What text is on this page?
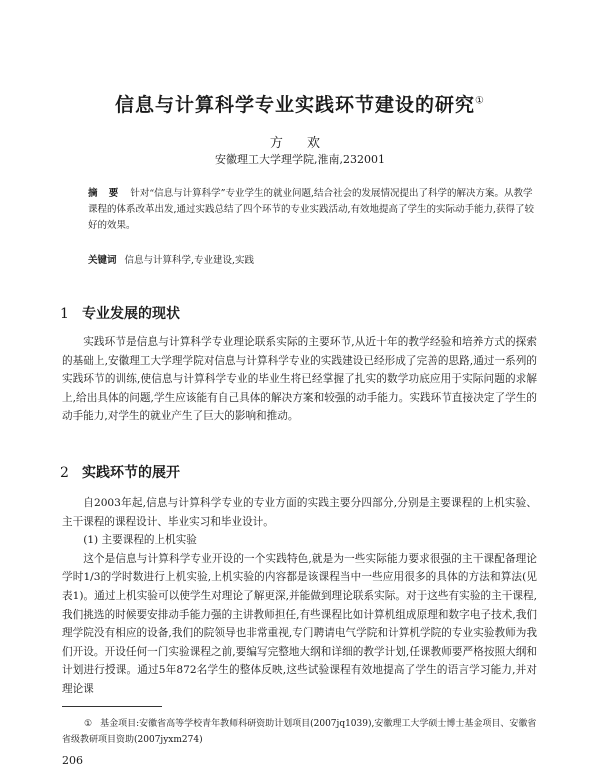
信息与计算科学专业实践环节建设的研究①
方 欢
安徽理工大学理学院,淮南,232001
摘 要 针对“信息与计算科学”专业学生的就业问题,结合社会的发展情况提出了科学的解决方案。从教学课程的体系改革出发,通过实践总结了四个环节的专业实践活动,有效地提高了学生的实际动手能力,获得了较好的效果。
关键词 信息与计算科学,专业建设,实践
1 专业发展的现状

实践环节是信息与计算科学专业理论联系实际的主要环节,从近十年的教学经验和培养方式的探索的基础上,安徽理工大学理学院对信息与计算科学专业的实践建设已经形成了完善的思路,通过一系列的实践环节的训练,使信息与计算科学专业的毕业生将已经掌握了扎实的数学功底应用于实际问题的求解上,给出具体的问题,学生应该能有自己具体的解决方案和较强的动手能力。实践环节直接决定了学生的动手能力,对学生的就业产生了巨大的影响和推动。

2 实践环节的展开

自2003年起,信息与计算科学专业的专业方面的实践主要分四部分,分别是主要课程的上机实验、主干课程的课程设计、毕业实习和毕业设计。

(1) 主要课程的上机实验

这个是信息与计算科学专业开设的一个实践特色,就是为一些实际能力要求很强的主干课配备理论学时1/3的学时数进行上机实验,上机实验的内容都是该课程当中一些应用很多的具体的方法和算法(见表1)。通过上机实验可以使学生对理论了解更深,并能做到理论联系实际。对于这些有实验的主干课程,我们挑选的时候要安排动手能力强的主讲教师担任,有些课程比如计算机组成原理和数字电子技术,我们理学院没有相应的设备,我们的院领导也非常重视,专门聘请电气学院和计算机学院的专业实验教师为我们开设。开设任何一门实验课程之前,要编写完整地大纲和详细的教学计划,任课教师要严格按照大纲和计划进行授课。通过5年872名学生的整体反映,这些试验课程有效地提高了学生的语言学习能力,并对理论课

① 基金项目:安徽省高等学校青年教师科研资助计划项目(2007jq1039),安徽理工大学硕士博士基金项目、安徽省省级教研项目资助(2007jyxm274)
206
